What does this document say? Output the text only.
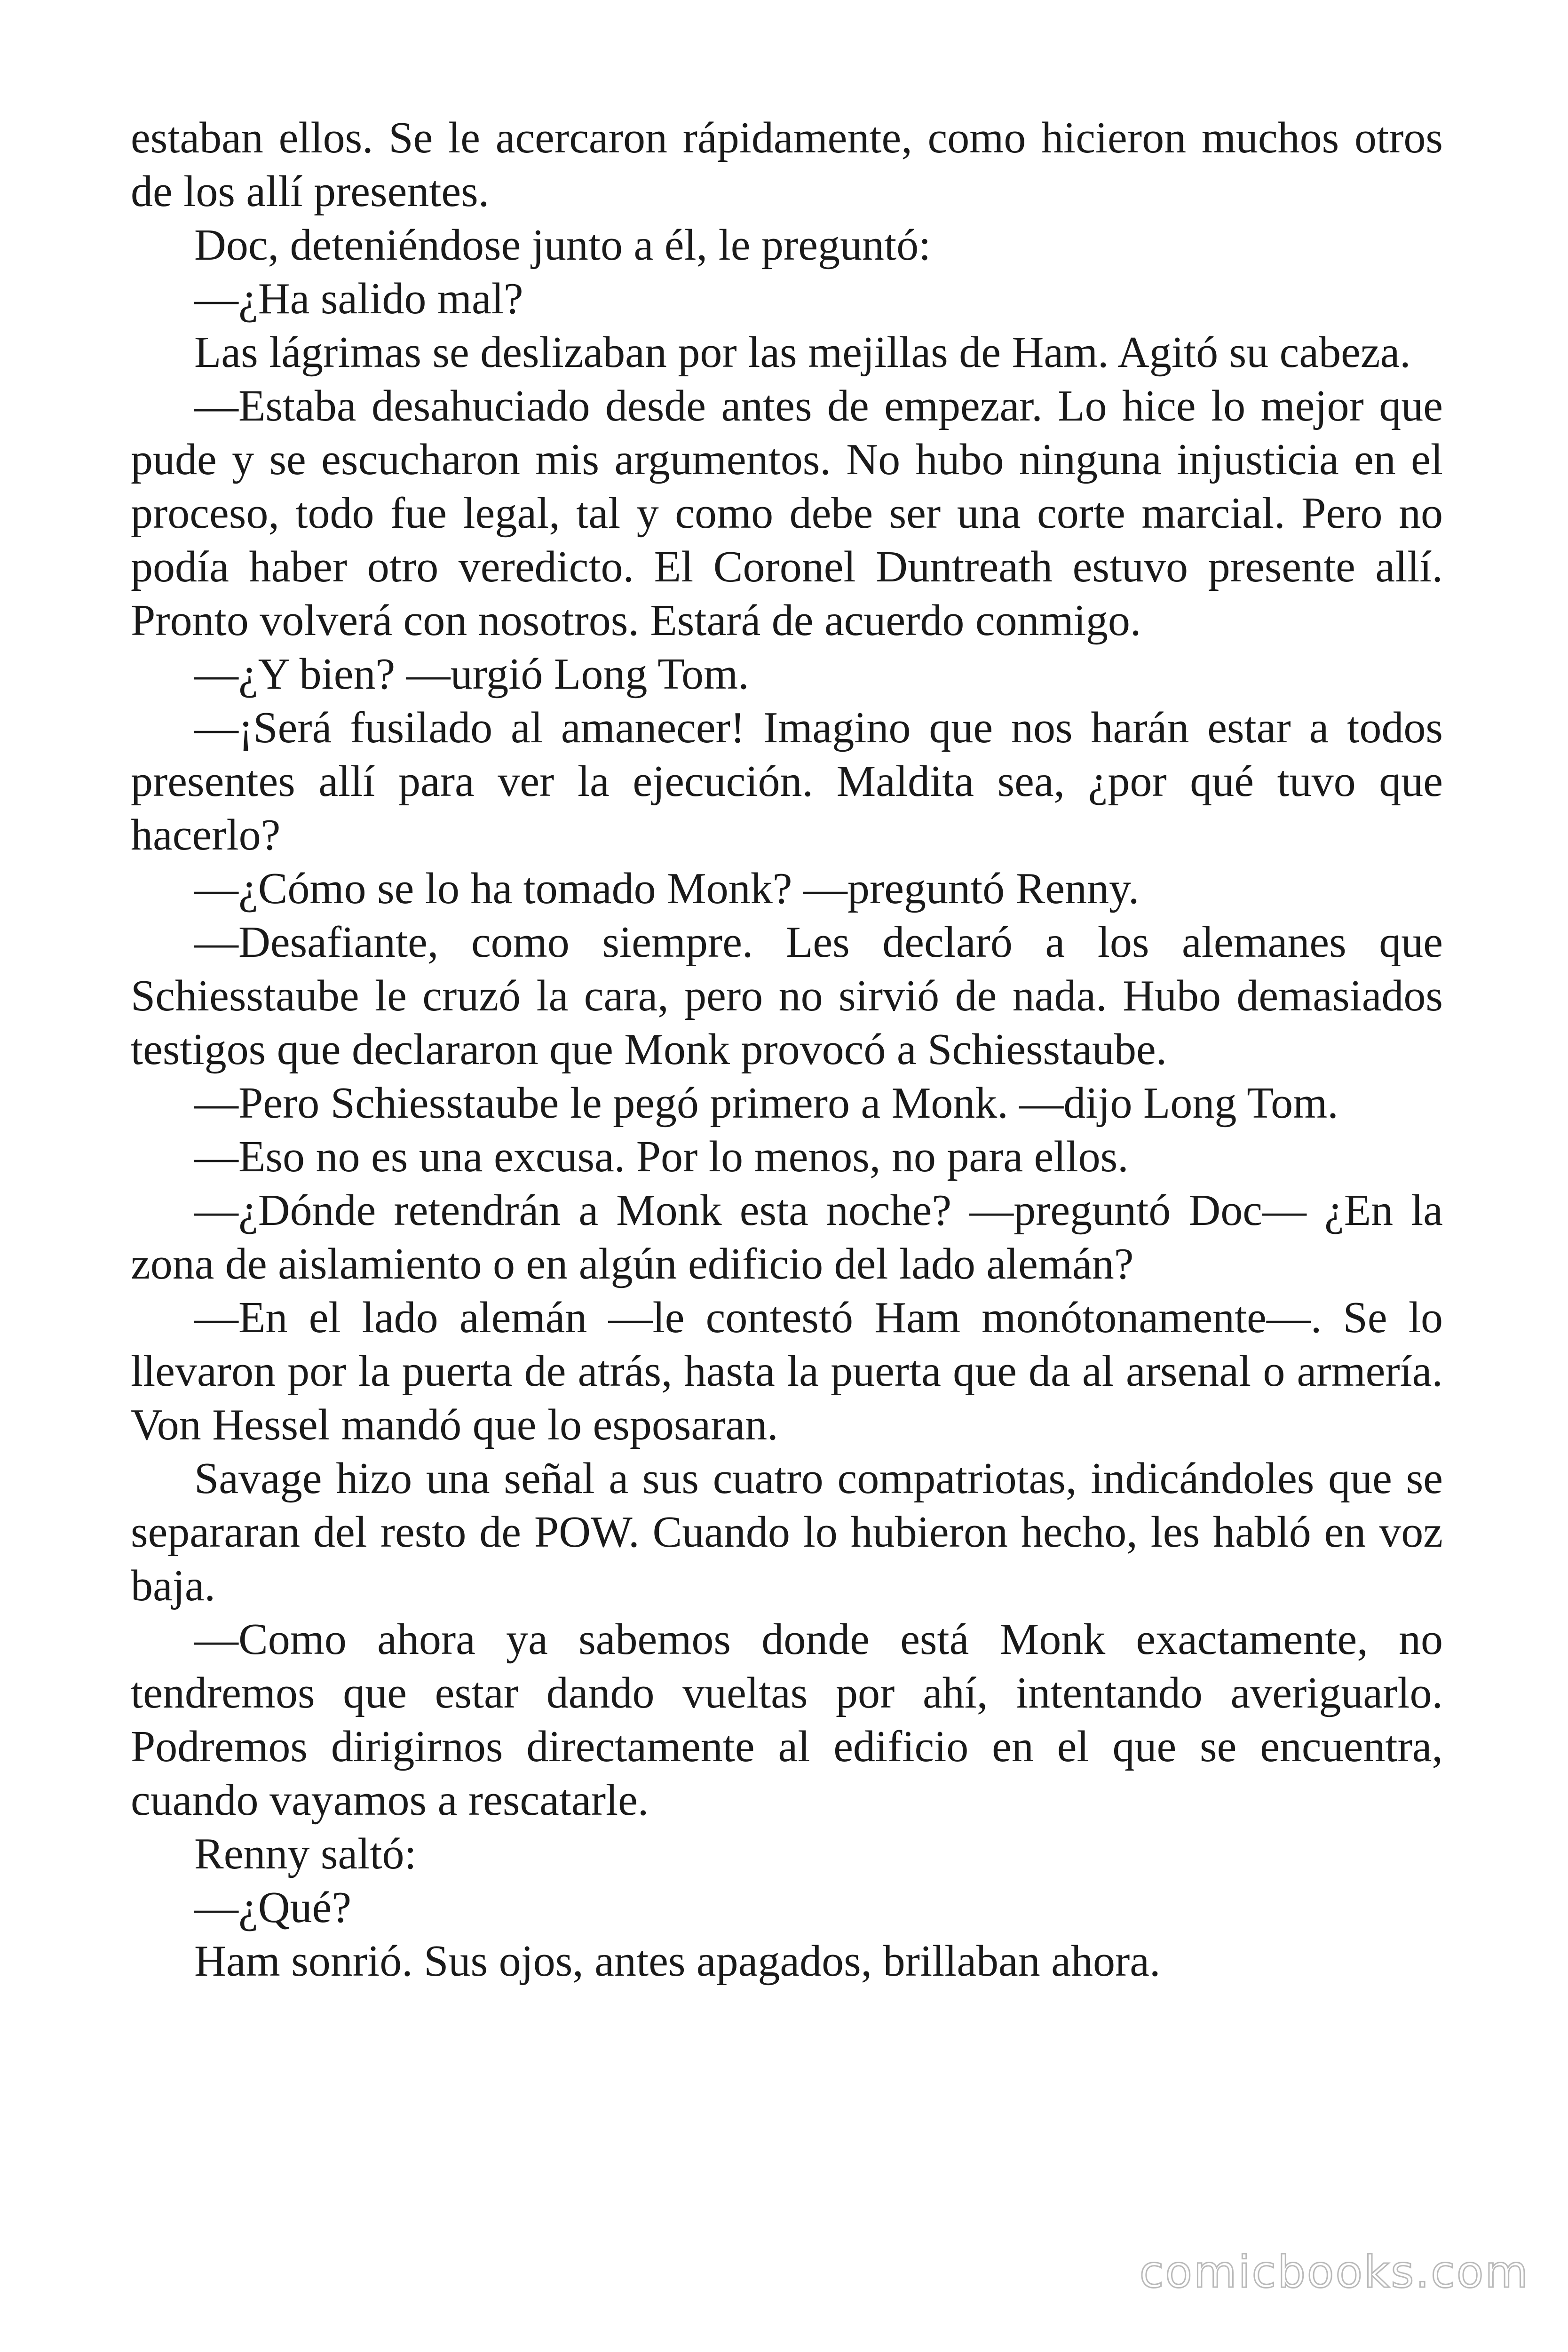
estaban ellos. Se le acercaron rápidamente, como hicieron muchos otros de los allí presentes.

Doc, deteniéndose junto a él, le preguntó:

—¿Ha salido mal?

Las lágrimas se deslizaban por las mejillas de Ham. Agitó su cabeza.

—Estaba desahuciado desde antes de empezar. Lo hice lo mejor que pude y se escucharon mis argumentos. No hubo ninguna injusticia en el proceso, todo fue legal, tal y como debe ser una corte marcial. Pero no podía haber otro veredicto. El Coronel Duntreath estuvo presente allí. Pronto volverá con nosotros. Estará de acuerdo conmigo.

—¿Y bien? —urgió Long Tom.

—¡Será fusilado al amanecer! Imagino que nos harán estar a todos presentes allí para ver la ejecución. Maldita sea, ¿por qué tuvo que hacerlo?

—¿Cómo se lo ha tomado Monk? —preguntó Renny.

—Desafiante, como siempre. Les declaró a los alemanes que Schiesstaube le cruzó la cara, pero no sirvió de nada. Hubo demasiados testigos que declararon que Monk provocó a Schiesstaube.

—Pero Schiesstaube le pegó primero a Monk. —dijo Long Tom.

—Eso no es una excusa. Por lo menos, no para ellos.

—¿Dónde retendrán a Monk esta noche? —preguntó Doc— ¿En la zona de aislamiento o en algún edificio del lado alemán?

—En el lado alemán —le contestó Ham monótonamente—. Se lo llevaron por la puerta de atrás, hasta la puerta que da al arsenal o armería. Von Hessel mandó que lo esposaran.

Savage hizo una señal a sus cuatro compatriotas, indicándoles que se separaran del resto de POW. Cuando lo hubieron hecho, les habló en voz baja.

—Como ahora ya sabemos donde está Monk exactamente, no tendremos que estar dando vueltas por ahí, intentando averiguarlo. Podremos dirigirnos directamente al edificio en el que se encuentra, cuando vayamos a rescatarle.

Renny saltó:

—¿Qué?

Ham sonrió. Sus ojos, antes apagados, brillaban ahora.

comicbooks.com
